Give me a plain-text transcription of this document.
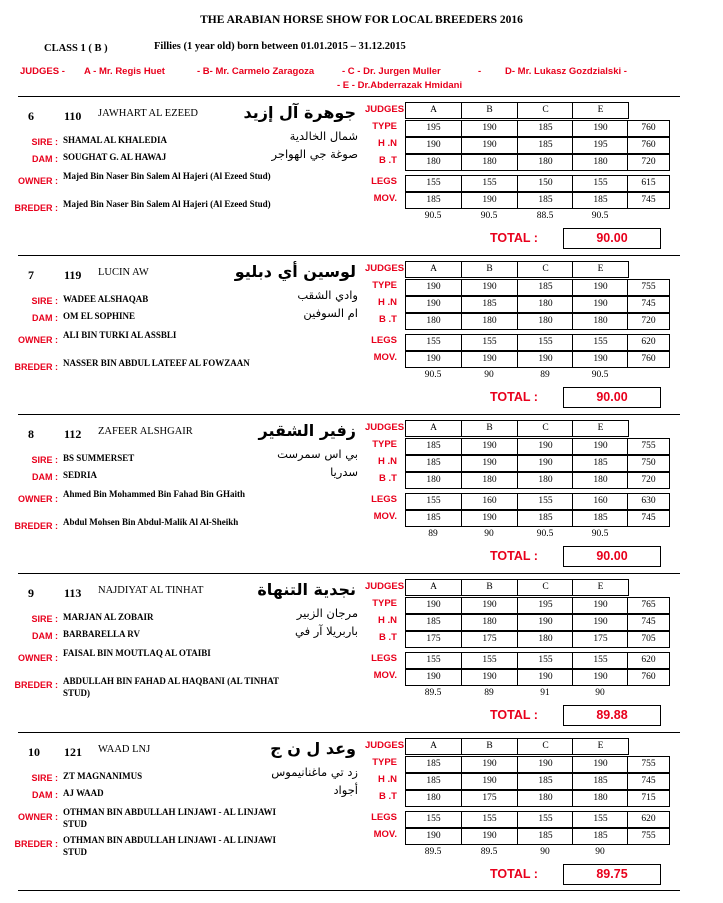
THE ARABIAN HORSE SHOW FOR LOCAL BREEDERS 2016
CLASS 1 ( B )	Fillies (1 year old) born between 01.01.2015 – 31.12.2015
JUDGES - A - Mr. Regis Huet	- B- Mr. Carmelo Zaragoza	- C - Dr. Jurgen Muller	-	D- Mr. Lukasz Gozdzialski -
- E - Dr.Abderrazak Hmidani
6	110 JAWHART AL EZEED	جوهرة آل إزيد
SIRE : SHAMAL AL KHALEDIA	شمال الخالدية
DAM : SOUGHAT G. AL HAWAJ	صوغة جي الهواجر
OWNER : Majed Bin Naser Bin Salem Al Hajeri (Al Ezeed Stud)
BREDER : Majed Bin Naser Bin Salem Al Hajeri (Al Ezeed Stud)
JUDGES	A	B	C	E
TYPE	195	190	185	190	760
H .N	190	190	185	195	760
B .T	180	180	180	180	720
LEGS	155	155	150	155	615
MOV.	185	190	185	185	745
90.5	90.5	88.5	90.5
TOTAL :	90.00
7	119 LUCIN AW	لوسين أي دبليو
SIRE : WADEE ALSHAQAB	وادي الشقب
DAM : OM EL SOPHINE	ام السوفين
OWNER : ALI BIN TURKI AL ASSBLI
BREDER : NASSER BIN ABDUL LATEEF AL FOWZAAN
JUDGES	A	B	C	E
TYPE	190	190	185	190	755
H .N	190	185	180	190	745
B .T	180	180	180	180	720
LEGS	155	155	155	155	620
MOV.	190	190	190	190	760
90.5	90	89	90.5
TOTAL :	90.00
8	112 ZAFEER ALSHGAIR	زفير الشقير
SIRE : BS SUMMERSET	بي اس سمرست
DAM : SEDRIA	سدريا
OWNER : Ahmed Bin Mohammed Bin Fahad Bin GHaith
BREDER : Abdul Mohsen Bin Abdul-Malik Al Al-Sheikh
JUDGES	A	B	C	E
TYPE	185	190	190	190	755
H .N	185	190	190	185	750
B .T	180	180	180	180	720
LEGS	155	160	155	160	630
MOV.	185	190	185	185	745
89	90	90.5	90.5
TOTAL :	90.00
9	113 NAJDIYAT AL TINHAT	نجدية التنهاة
SIRE : MARJAN AL ZOBAIR	مرجان الزبير
DAM : BARBARELLA RV	باربريلا آر في
OWNER : FAISAL BIN MOUTLAQ AL OTAIBI
BREDER : ABDULLAH BIN FAHAD AL HAQBANI (AL TINHAT STUD)
JUDGES	A	B	C	E
TYPE	190	190	195	190	765
H .N	185	180	190	190	745
B .T	175	175	180	175	705
LEGS	155	155	155	155	620
MOV.	190	190	190	190	760
89.5	89	91	90
TOTAL :	89.88
10 121 WAAD LNJ	وعد ل ن ج
SIRE : ZT MAGNANIMUS	زد تي ماغنانيموس
DAM : AJ WAAD	أجواد
OWNER : OTHMAN BIN ABDULLAH LINJAWI - AL LINJAWI STUD
BREDER : OTHMAN BIN ABDULLAH LINJAWI - AL LINJAWI STUD
JUDGES	A	B	C	E
TYPE	185	190	190	190	755
H .N	185	190	185	185	745
B .T	180	175	180	180	715
LEGS	155	155	155	155	620
MOV.	190	190	185	185	755
89.5	89.5	90	90
TOTAL :	89.75
